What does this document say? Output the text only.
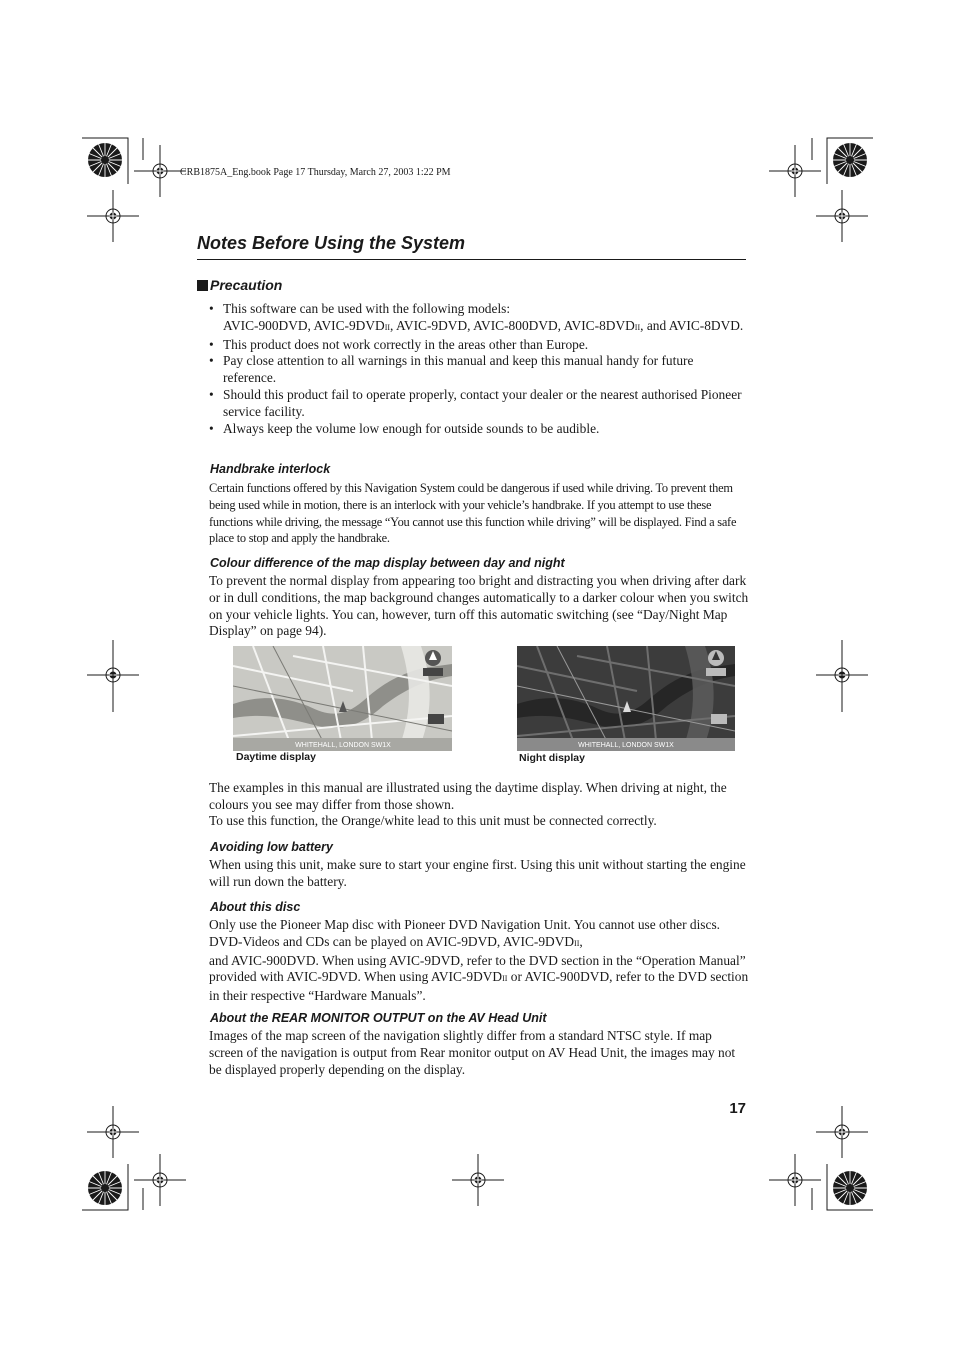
CRB1875A_Eng.book Page 17 Thursday, March 27, 2003 1:22 PM
Notes Before Using the System
Precaution
• This software can be used with the following models:
AVIC-900DVD, AVIC-9DVDII, AVIC-9DVD, AVIC-800DVD, AVIC-8DVDII, and AVIC-8DVD.
• This product does not work correctly in the areas other than Europe.
• Pay close attention to all warnings in this manual and keep this manual handy for future reference.
• Should this product fail to operate properly, contact your dealer or the nearest authorised Pioneer service facility.
• Always keep the volume low enough for outside sounds to be audible.
Handbrake interlock

Certain functions offered by this Navigation System could be dangerous if used while driving. To prevent them being used while in motion, there is an interlock with your vehicle’s handbrake. If you attempt to use these functions while driving, the message “You cannot use this function while driving” will be displayed. Find a safe place to stop and apply the handbrake.

Colour difference of the map display between day and night

To prevent the normal display from appearing too bright and distracting you when driving after dark or in dull conditions, the map background changes automatically to a darker colour when you switch on your vehicle lights. You can, however, turn off this automatic switching (see “Day/Night Map Display” on page 94).

WHITEHALL, LONDON SW1X
Daytime display
WHITEHALL, LONDON SW1X
Night display

The examples in this manual are illustrated using the daytime display. When driving at night, the colours you see may differ from those shown.

To use this function, the Orange/white lead to this unit must be connected correctly.

Avoiding low battery

When using this unit, make sure to start your engine first. Using this unit without starting the engine will run down the battery.

About this disc

Only use the Pioneer Map disc with Pioneer DVD Navigation Unit. You cannot use other discs. DVD-Videos and CDs can be played on AVIC-9DVD, AVIC-9DVDII,
and AVIC-900DVD. When using AVIC-9DVD, refer to the DVD section in the “Operation Manual” provided with AVIC-9DVD. When using AVIC-9DVDII or AVIC-900DVD, refer to the DVD section in their respective “Hardware Manuals”.

About the REAR MONITOR OUTPUT on the AV Head Unit

Images of the map screen of the navigation slightly differ from a standard NTSC style. If map screen of the navigation is output from Rear monitor output on AV Head Unit, the images may not be displayed properly depending on the display.

17
